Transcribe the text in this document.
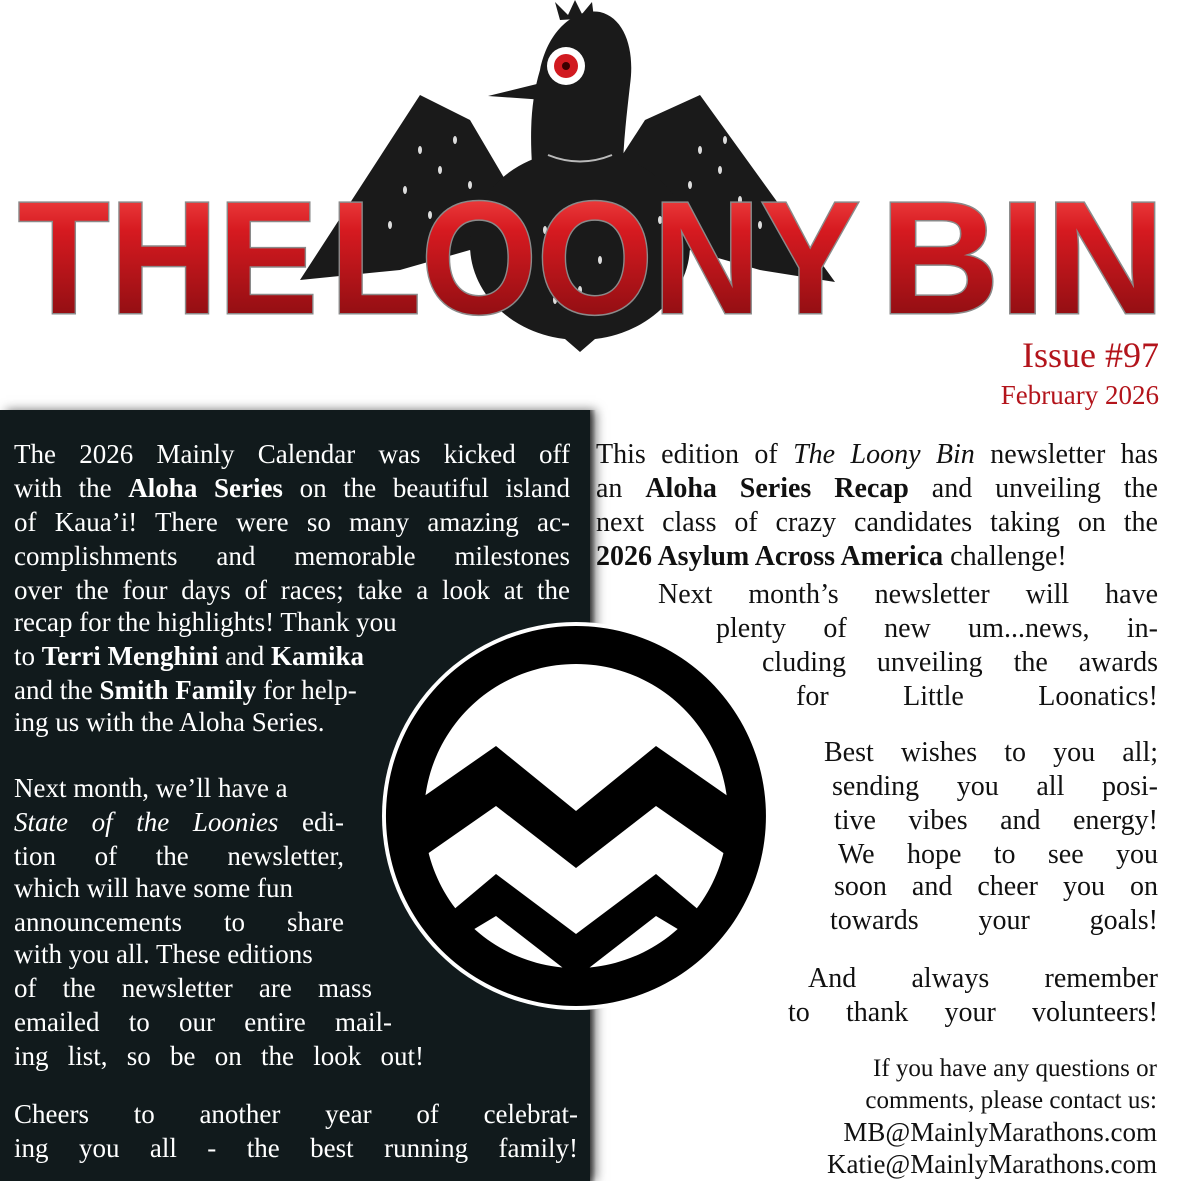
THE LOONY BIN
Issue #97
February 2026
The 2026 Mainly Calendar was kicked off
with the Aloha Series on the beautiful island
of Kaua’i! There were so many amazing ac-
complishments and memorable milestones
over the four days of races; take a look at the
recap for the highlights! Thank you
to Terri Menghini and Kamika
and the Smith Family for help-
ing us with the Aloha Series.
Next month, we’ll have a
State of the Loonies edi-
tion of the newsletter,
which will have some fun
announcements to share
with you all. These editions
of the newsletter are mass
emailed to our entire mail-
ing list, so be on the look out!
Cheers to another year of celebrat-
ing you all - the best running family!
This edition of The Loony Bin newsletter has
an Aloha Series Recap and unveiling the
next class of crazy candidates taking on the
2026 Asylum Across America challenge!
Next month’s newsletter will have
plenty of new um...news, in-
cluding unveiling the awards
for Little Loonatics!
Best wishes to you all;
sending you all posi-
tive vibes and energy!
We hope to see you
soon and cheer you on
towards your goals!
And always remember
to thank your volunteers!
If you have any questions or
comments, please contact us:
MB@MainlyMarathons.com
Katie@MainlyMarathons.com
